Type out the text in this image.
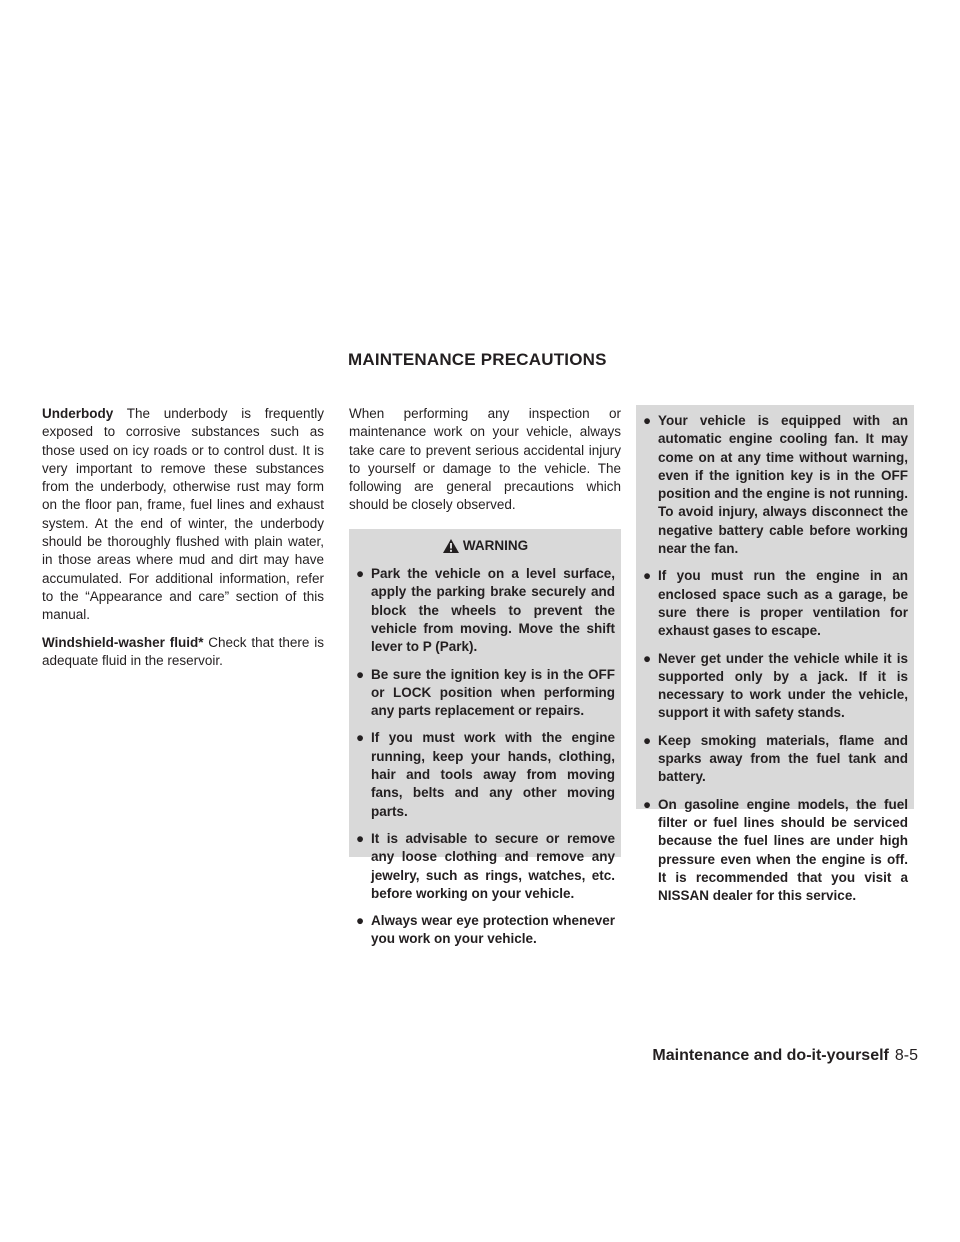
MAINTENANCE PRECAUTIONS

Underbody The underbody is frequently exposed to corrosive substances such as those used on icy roads or to control dust. It is very important to remove these substances from the underbody, otherwise rust may form on the floor pan, frame, fuel lines and exhaust system. At the end of winter, the underbody should be thoroughly flushed with plain water, in those areas where mud and dirt may have accumulated. For additional information, refer to the “Appearance and care” section of this manual.

Windshield-washer fluid* Check that there is adequate fluid in the reservoir.

When performing any inspection or maintenance work on your vehicle, always take care to prevent serious accidental injury to yourself or damage to the vehicle. The following are general precautions which should be closely observed.

WARNING
● Park the vehicle on a level surface, apply the parking brake securely and block the wheels to prevent the vehicle from moving. Move the shift lever to P (Park).
● Be sure the ignition key is in the OFF or LOCK position when performing any parts replacement or repairs.
● If you must work with the engine running, keep your hands, clothing, hair and tools away from moving fans, belts and any other moving parts.
● It is advisable to secure or remove any loose clothing and remove any jewelry, such as rings, watches, etc. before working on your vehicle.
● Always wear eye protection whenever you work on your vehicle.
● Your vehicle is equipped with an automatic engine cooling fan. It may come on at any time without warning, even if the ignition key is in the OFF position and the engine is not running. To avoid injury, always disconnect the negative battery cable before working near the fan.
● If you must run the engine in an enclosed space such as a garage, be sure there is proper ventilation for exhaust gases to escape.
● Never get under the vehicle while it is supported only by a jack. If it is necessary to work under the vehicle, support it with safety stands.
● Keep smoking materials, flame and sparks away from the fuel tank and battery.
● On gasoline engine models, the fuel filter or fuel lines should be serviced because the fuel lines are under high pressure even when the engine is off. It is recommended that you visit a NISSAN dealer for this service.
Maintenance and do-it-yourself 8-5
